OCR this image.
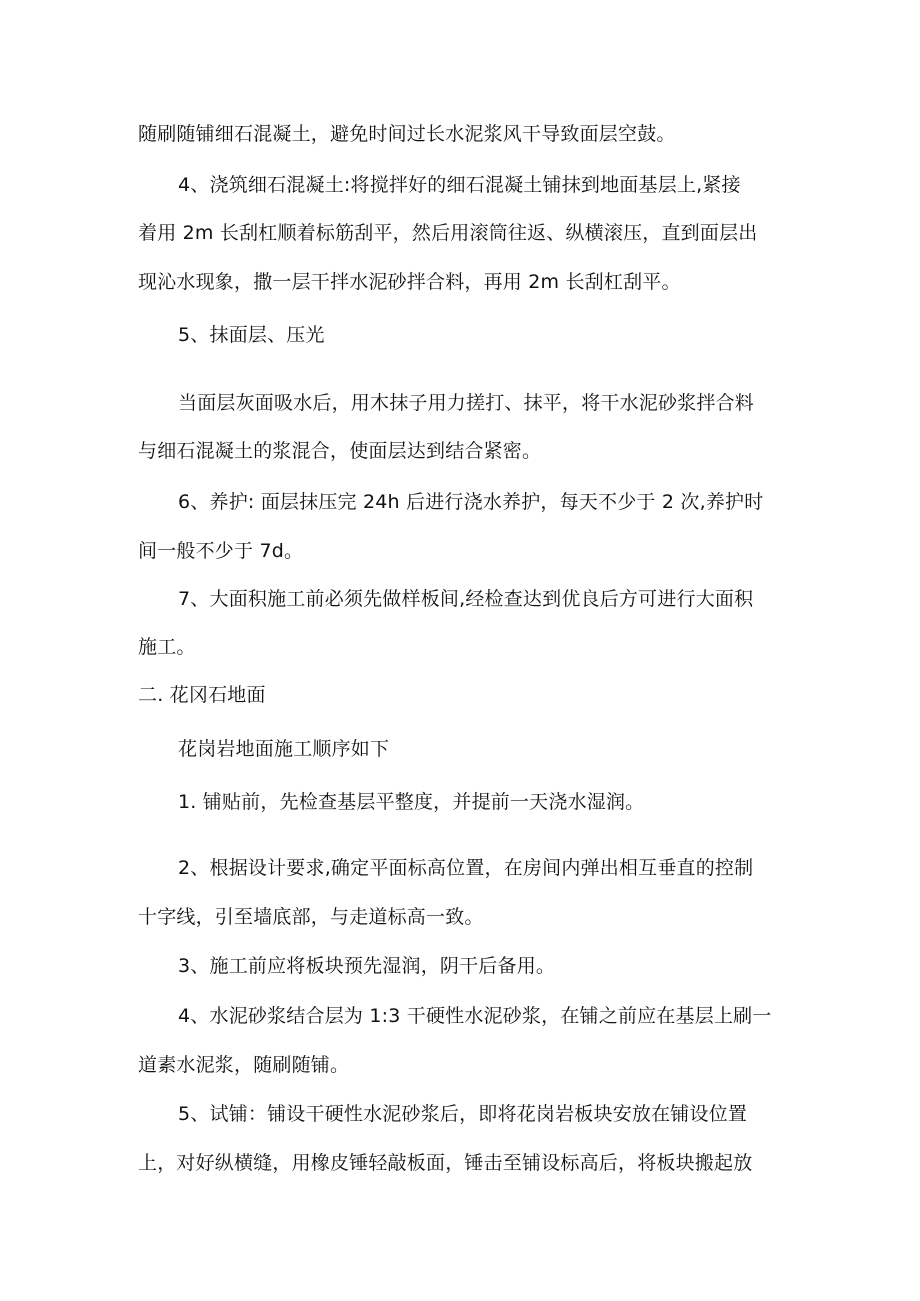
随刷随铺细石混凝土，避免时间过长水泥浆风干导致面层空鼓。
4、浇筑细石混凝土:将搅拌好的细石混凝土铺抹到地面基层上,紧接
着用 2m 长刮杠顺着标筋刮平，然后用滚筒往返、纵横滚压，直到面层出
现沁水现象，撒一层干拌水泥砂拌合料，再用 2m 长刮杠刮平。
5、抹面层、压光
当面层灰面吸水后，用木抹子用力搓打、抹平，将干水泥砂浆拌合料
与细石混凝土的浆混合，使面层达到结合紧密。
6、养护: 面层抹压完 24h 后进行浇水养护，每天不少于 2 次,养护时
间一般不少于 7d。
7、大面积施工前必须先做样板间,经检查达到优良后方可进行大面积
施工。
二. 花冈石地面
花岗岩地面施工顺序如下
1. 铺贴前，先检查基层平整度，并提前一天浇水湿润。
2、根据设计要求,确定平面标高位置，在房间内弹出相互垂直的控制
十字线，引至墙底部，与走道标高一致。
3、施工前应将板块预先湿润，阴干后备用。
4、水泥砂浆结合层为 1:3 干硬性水泥砂浆，在铺之前应在基层上刷一
道素水泥浆，随刷随铺。
5、试铺：铺设干硬性水泥砂浆后，即将花岗岩板块安放在铺设位置
上，对好纵横缝，用橡皮锤轻敲板面，锤击至铺设标高后，将板块搬起放
